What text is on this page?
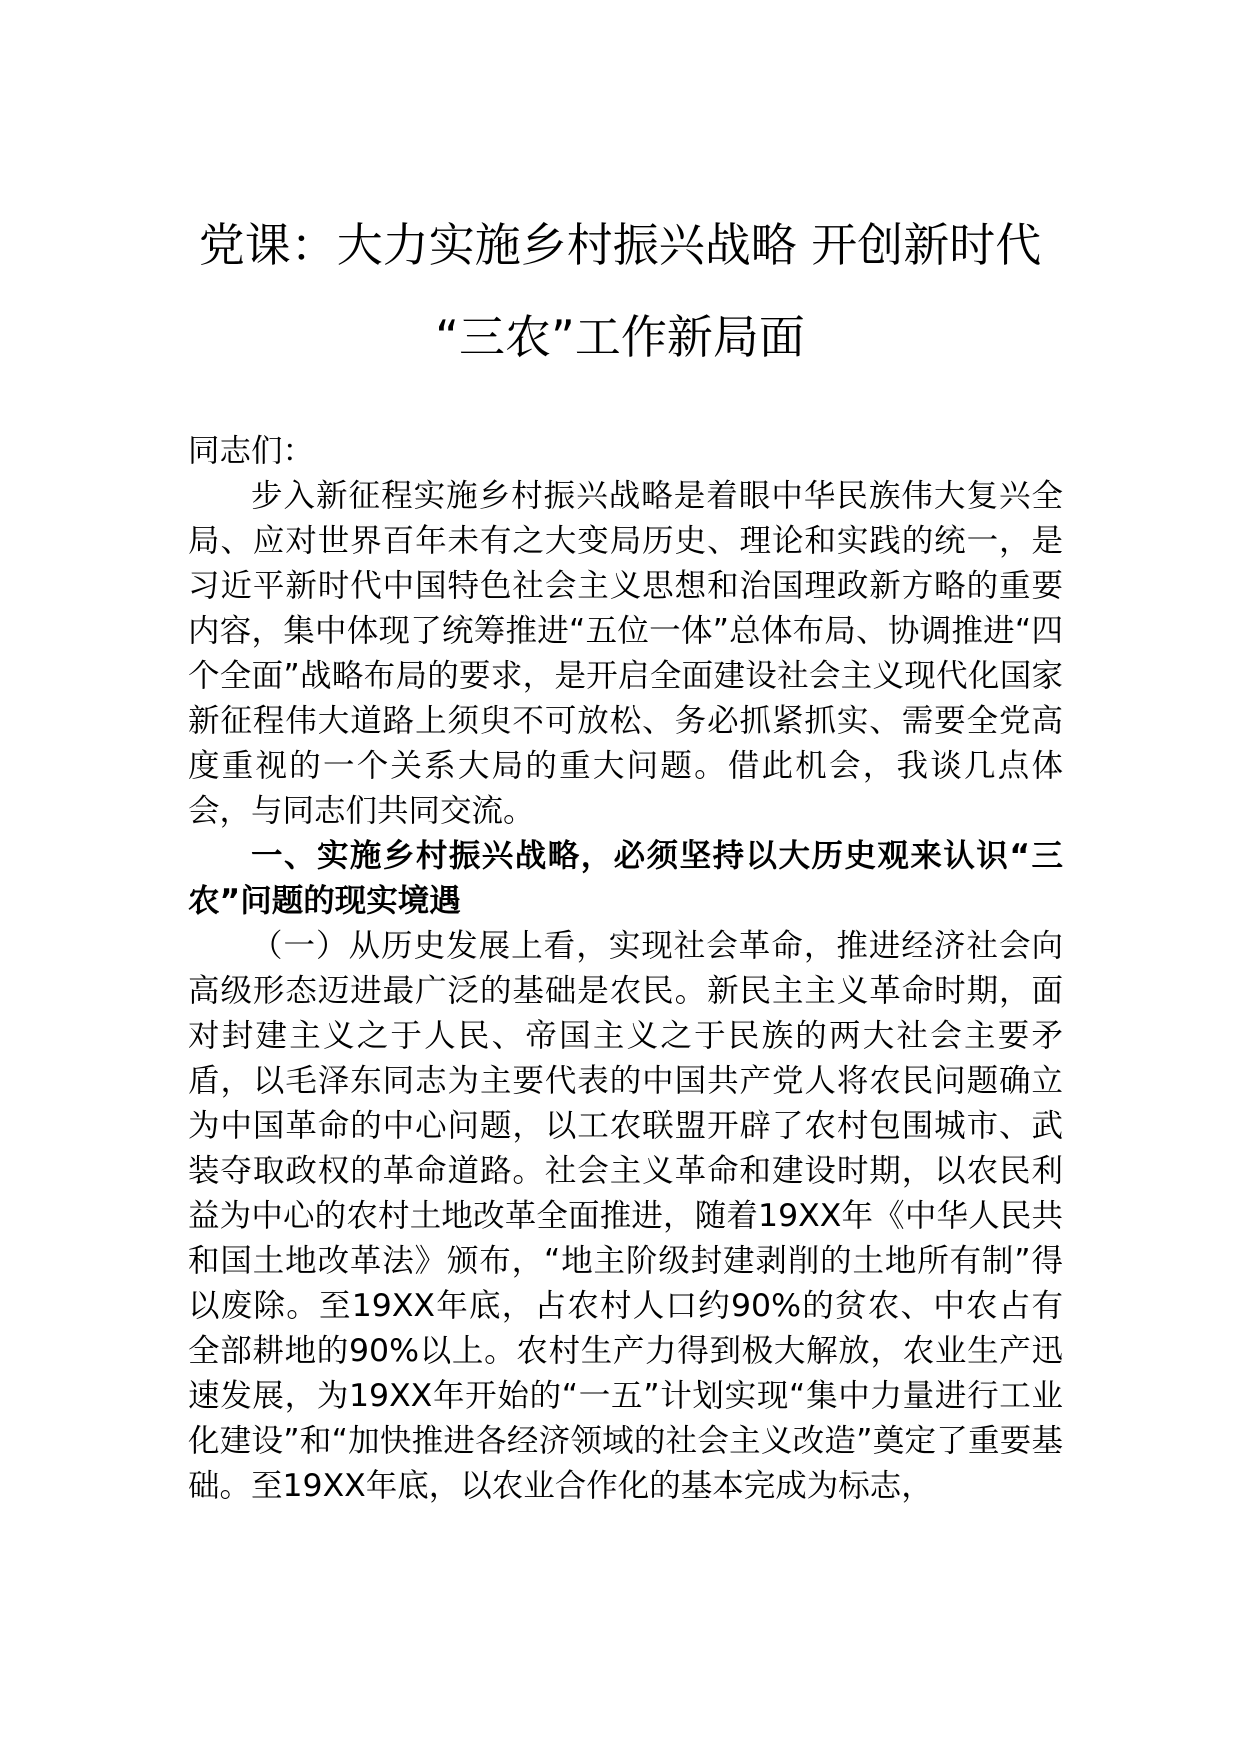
党课：大力实施乡村振兴战略 开创新时代
“三农”工作新局面

同志们：

步入新征程实施乡村振兴战略是着眼中华民族伟大复兴全局、应对世界百年未有之大变局历史、理论和实践的统一，是习近平新时代中国特色社会主义思想和治国理政新方略的重要内容，集中体现了统筹推进“五位一体”总体布局、协调推进“四个全面”战略布局的要求，是开启全面建设社会主义现代化国家新征程伟大道路上须臾不可放松、务必抓紧抓实、需要全党高度重视的一个关系大局的重大问题。借此机会，我谈几点体会，与同志们共同交流。

一、实施乡村振兴战略，必须坚持以大历史观来认识“三农”问题的现实境遇

（一）从历史发展上看，实现社会革命，推进经济社会向高级形态迈进最广泛的基础是农民。新民主主义革命时期，面对封建主义之于人民、帝国主义之于民族的两大社会主要矛盾，以毛泽东同志为主要代表的中国共产党人将农民问题确立为中国革命的中心问题，以工农联盟开辟了农村包围城市、武装夺取政权的革命道路。社会主义革命和建设时期，以农民利益为中心的农村土地改革全面推进，随着19XX年《中华人民共和国土地改革法》颁布，“地主阶级封建剥削的土地所有制”得以废除。至19XX年底，占农村人口约90%的贫农、中农占有全部耕地的90%以上。农村生产力得到极大解放，农业生产迅速发展，为19XX年开始的“一五”计划实现“集中力量进行工业化建设”和“加快推进各经济领域的社会主义改造”奠定了重要基础。至19XX年底，以农业合作化的基本完成为标志，
